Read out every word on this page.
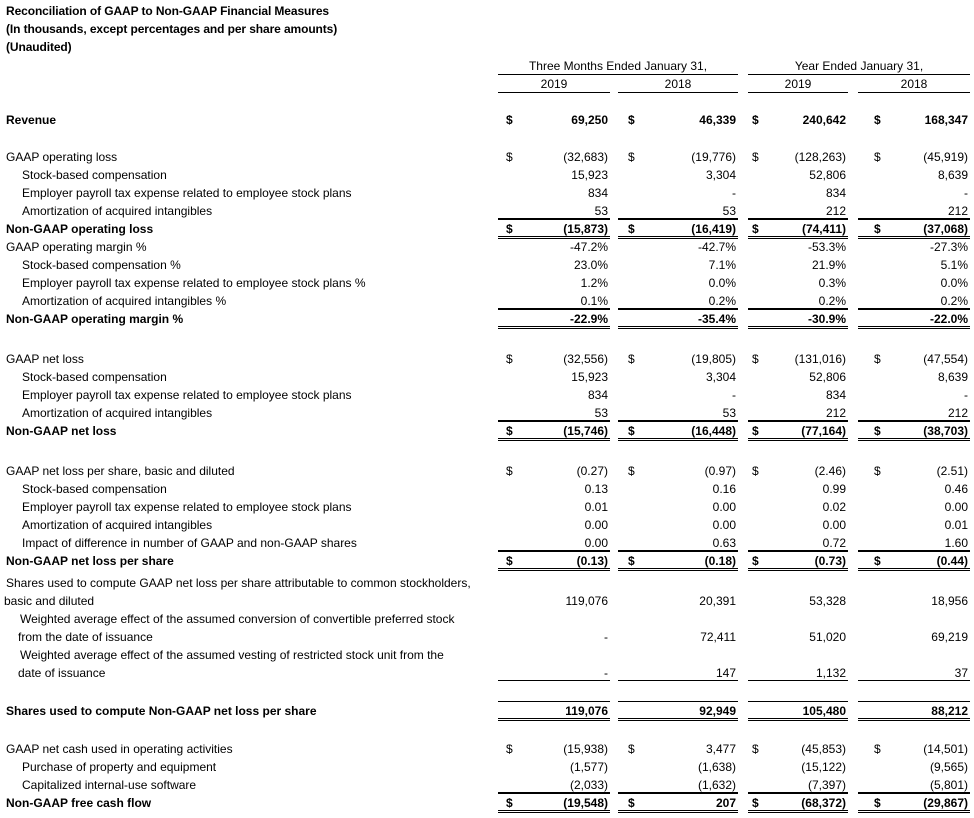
Reconciliation of GAAP to Non-GAAP Financial Measures
(In thousands, except percentages and per share amounts)
(Unaudited)
Three Months Ended January 31,	Year Ended January 31,
2019	2018	2019	2018
Revenue	$	69,250 $	46,339 $	240,642 $	168,347
GAAP operating loss	$	(32,683) $	(19,776) $	(128,263) $	(45,919)
Stock-based compensation	15,923	3,304	52,806	8,639
Employer payroll tax expense related to employee stock plans	834	-	834	-
Amortization of acquired intangibles	53	53	212	212
Non-GAAP operating loss	$	(15,873) $	(16,419) $	(74,411) $	(37,068)
GAAP operating margin %	-47.2%	-42.7%	-53.3%	-27.3%
Stock-based compensation %	23.0%	7.1%	21.9%	5.1%
Employer payroll tax expense related to employee stock plans %	1.2%	0.0%	0.3%	0.0%
Amortization of acquired intangibles %	0.1%	0.2%	0.2%	0.2%
Non-GAAP operating margin %	-22.9%	-35.4%	-30.9%	-22.0%
GAAP net loss	$	(32,556) $	(19,805) $	(131,016) $	(47,554)
Stock-based compensation	15,923	3,304	52,806	8,639
Employer payroll tax expense related to employee stock plans	834	-	834	-
Amortization of acquired intangibles	53	53	212	212
Non-GAAP net loss	$	(15,746) $	(16,448) $	(77,164) $	(38,703)
GAAP net loss per share, basic and diluted	$	(0.27) $	(0.97) $	(2.46) $	(2.51)
Stock-based compensation	0.13	0.16	0.99	0.46
Employer payroll tax expense related to employee stock plans	0.01	0.00	0.02	0.00
Amortization of acquired intangibles	0.00	0.00	0.00	0.01
Impact of difference in number of GAAP and non-GAAP shares	0.00	0.63	0.72	1.60
Non-GAAP net loss per share	$	(0.13) $	(0.18) $	(0.73) $	(0.44)
Shares used to compute GAAP net loss per share attributable to common stockholders,
basic and diluted	119,076	20,391	53,328	18,956
Weighted average effect of the assumed conversion of convertible preferred stock
from the date of issuance	-	72,411	51,020	69,219
Weighted average effect of the assumed vesting of restricted stock unit from the
date of issuance	-	147	1,132	37
Shares used to compute Non-GAAP net loss per share	119,076	92,949	105,480	88,212
GAAP net cash used in operating activities	$	(15,938) $	3,477 $	(45,853) $	(14,501)
Purchase of property and equipment	(1,577)	(1,638)	(15,122)	(9,565)
Capitalized internal-use software	(2,033)	(1,632)	(7,397)	(5,801)
Non-GAAP free cash flow	$	(19,548) $	207 $	(68,372) $	(29,867)
